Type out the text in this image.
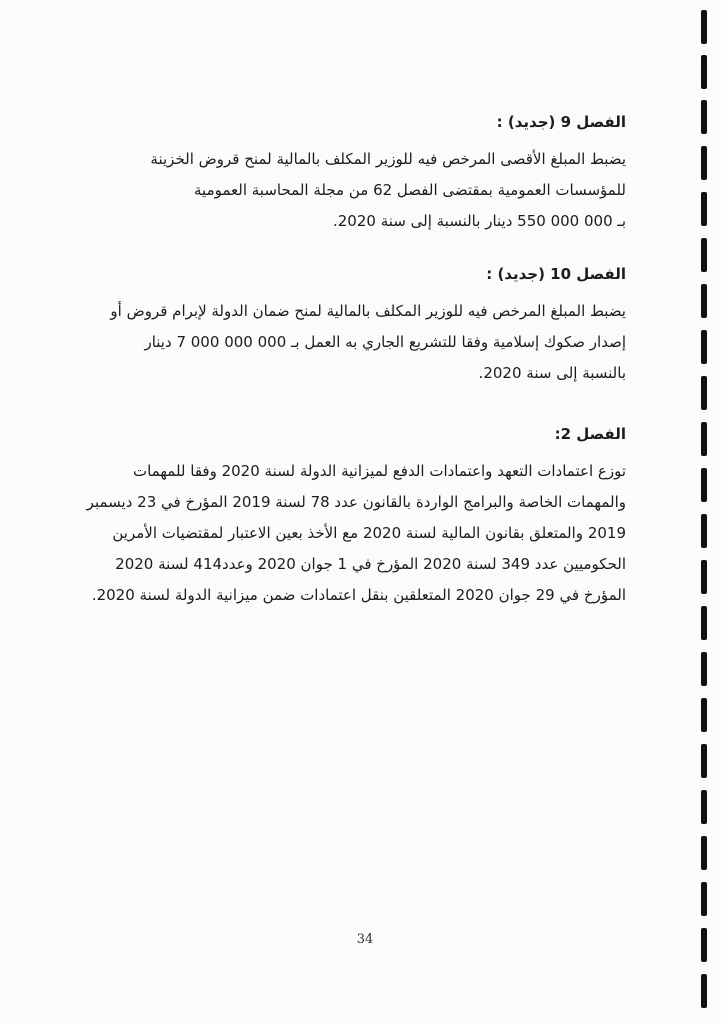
الفصل 9 (جديد) :
يضبط المبلغ الأقصى المرخص فيه للوزير المكلف بالمالية لمنح قروض الخزينة
للمؤسسات العمومية بمقتضى الفصل 62 من مجلة المحاسبة العمومية
بـ 000 000 550 دينار بالنسبة إلى سنة 2020.
الفصل 10 (جديد) :
يضبط المبلغ المرخص فيه للوزير المكلف بالمالية لمنح ضمان الدولة لإبرام قروض أو
إصدار صكوك إسلامية وفقا للتشريع الجاري به العمل بـ 000 000 000 7 دينار
بالنسبة إلى سنة 2020.
الفصل 2:
توزع اعتمادات التعهد واعتمادات الدفع لميزانية الدولة لسنة 2020 وفقا للمهمات
والمهمات الخاصة والبرامج الواردة بالقانون عدد 78 لسنة 2019 المؤرخ في 23 ديسمبر
2019 والمتعلق بقانون المالية لسنة 2020 مع الأخذ بعين الاعتبار لمقتضيات الأمرين
الحكوميين عدد 349 لسنة 2020 المؤرخ في 1 جوان 2020 وعدد414 لسنة 2020
المؤرخ في 29 جوان 2020 المتعلقين بنقل اعتمادات ضمن ميزانية الدولة لسنة 2020.
34
